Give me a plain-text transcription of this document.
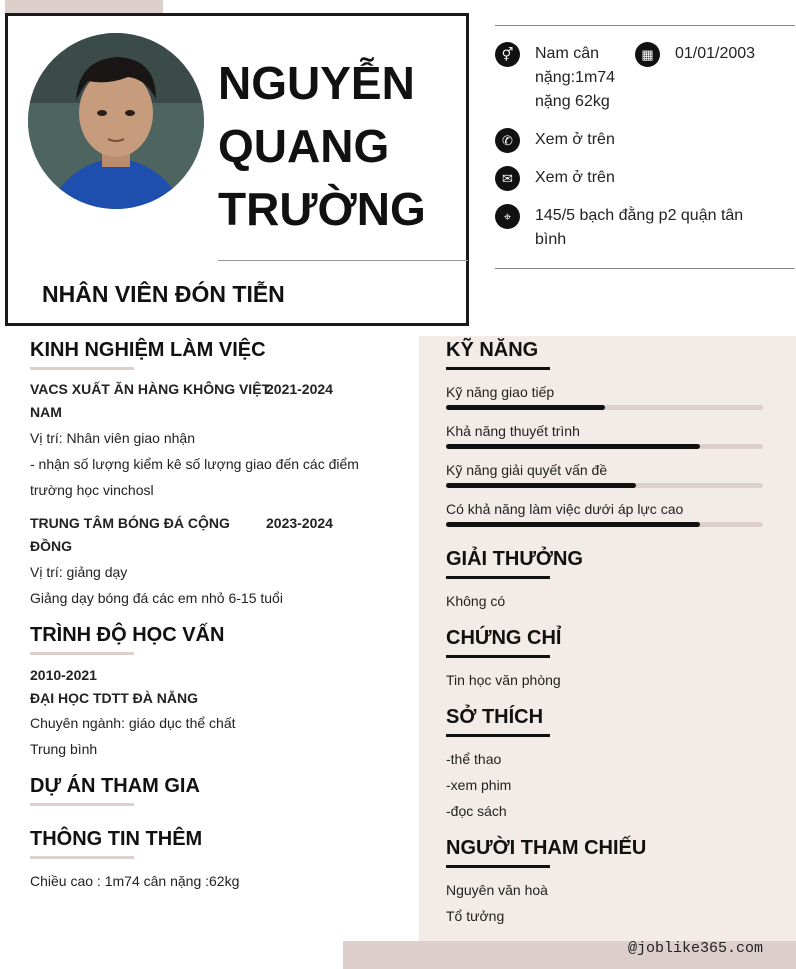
NGUYỄN
QUANG
TRƯỜNG
NHÂN VIÊN ĐÓN TIỄN
⚥	Nam cân
nặng:1m74
nặng 62kg
▦	01/01/2003
✆	Xem ở trên
✉	Xem ở trên
⌖	145/5 bạch đằng p2 quận tân
bình
KINH NGHIỆM LÀM VIỆC
VACS XUẤT ĂN HÀNG KHÔNG VIỆT
NAM
2021-2024
Vị trí: Nhân viên giao nhận
- nhận số lượng kiểm kê số lượng giao đến các điểm
trường học vinchosl
TRUNG TÂM BÓNG ĐÁ CỘNG
ĐỒNG
2023-2024
Vị trí: giảng dạy
Giảng dạy bóng đá các em nhỏ 6-15 tuổi
TRÌNH ĐỘ HỌC VẤN
2010-2021
ĐẠI HỌC TDTT ĐÀ NẴNG
Chuyên ngành: giáo dục thể chất
Trung bình
DỰ ÁN THAM GIA
THÔNG TIN THÊM
Chiều cao : 1m74 cân nặng :62kg
KỸ NĂNG
Kỹ năng giao tiếp
Khả năng thuyết trình
Kỹ năng giải quyết vấn đề
Có khả năng làm việc dưới áp lực cao
GIẢI THƯỞNG
Không có
CHỨNG CHỈ
Tin học văn phòng
SỞ THÍCH
-thể thao
-xem phim
-đọc sách
NGƯỜI THAM CHIẾU
Nguyên văn hoà
Tổ tưởng
@joblike365.com
